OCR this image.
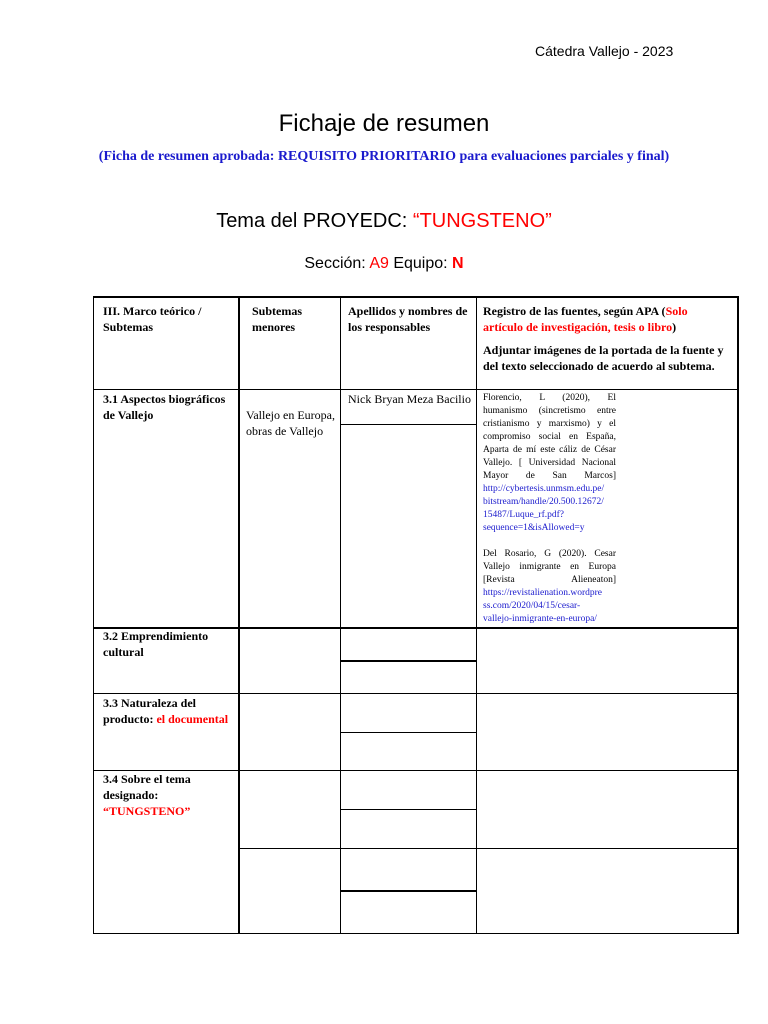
Cátedra Vallejo - 2023
Fichaje de resumen
(Ficha de resumen aprobada: REQUISITO PRIORITARIO para evaluaciones parciales y final)
Tema del PROYEDC: “TUNGSTENO”
Sección: A9 Equipo: N
III. Marco teórico / Subtemas
Subtemas menores
Apellidos y nombres de los responsables
Registro de las fuentes, según APA (Solo artículo de investigación, tesis o libro)
Adjuntar imágenes de la portada de la fuente y del texto seleccionado de acuerdo al subtema.
3.1 Aspectos biográficos de Vallejo	Vallejo en Europa, obras de Vallejo
Nick Bryan Meza Bacilio Florencio, L (2020), El
humanismo (sincretismo entre
cristianismo y marxismo) y el
compromiso social en España,
Aparta de mí este cáliz de César
Vallejo. [ Universidad Nacional
Mayor de San Marcos]
http://cybertesis.unmsm.edu.pe/
bitstream/handle/20.500.12672/
15487/Luque_rf.pdf?
sequence=1&isAllowed=y
Del Rosario, G (2020). Cesar
Vallejo inmigrante en Europa
[Revista Alieneaton]
https://revistalienation.wordpre
ss.com/2020/04/15/cesar-
vallejo-inmigrante-en-europa/
3.2 Emprendimiento cultural
3.3 Naturaleza del producto: el documental
3.4 Sobre el tema designado:
“TUNGSTENO”
